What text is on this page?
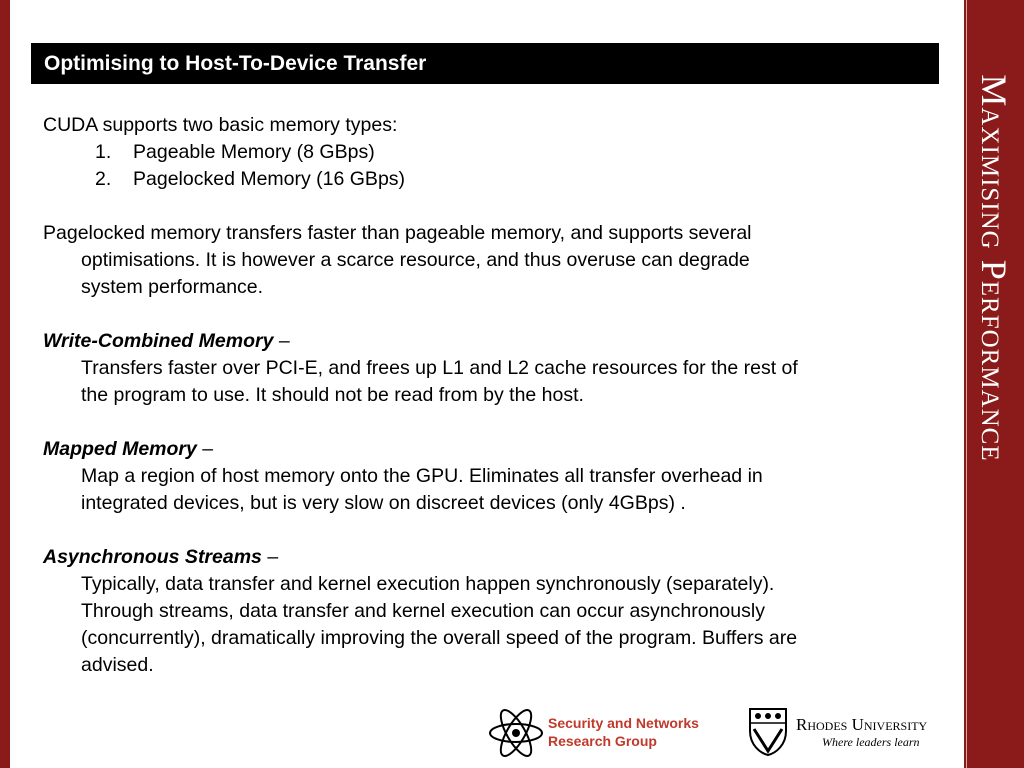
Maximising Performance
Optimising to Host-To-Device Transfer

CUDA supports two basic memory types:

1. Pageable Memory (8 GBps)
2. Pagelocked Memory (16 GBps)

Pagelocked memory transfers faster than pageable memory, and supports several

optimisations. It is however a scarce resource, and thus overuse can degrade

system performance.

Write-Combined Memory –

Transfers faster over PCI-E, and frees up L1 and L2 cache resources for the rest of

the program to use. It should not be read from by the host.

Mapped Memory –

Map a region of host memory onto the GPU. Eliminates all transfer overhead in

integrated devices, but is very slow on discreet devices (only 4GBps) .

Asynchronous Streams –

Typically, data transfer and kernel execution happen synchronously (separately).

Through streams, data transfer and kernel execution can occur asynchronously

(concurrently), dramatically improving the overall speed of the program. Buffers are

advised.

Security and Networks
Research Group
Rhodes University
Where leaders learn
